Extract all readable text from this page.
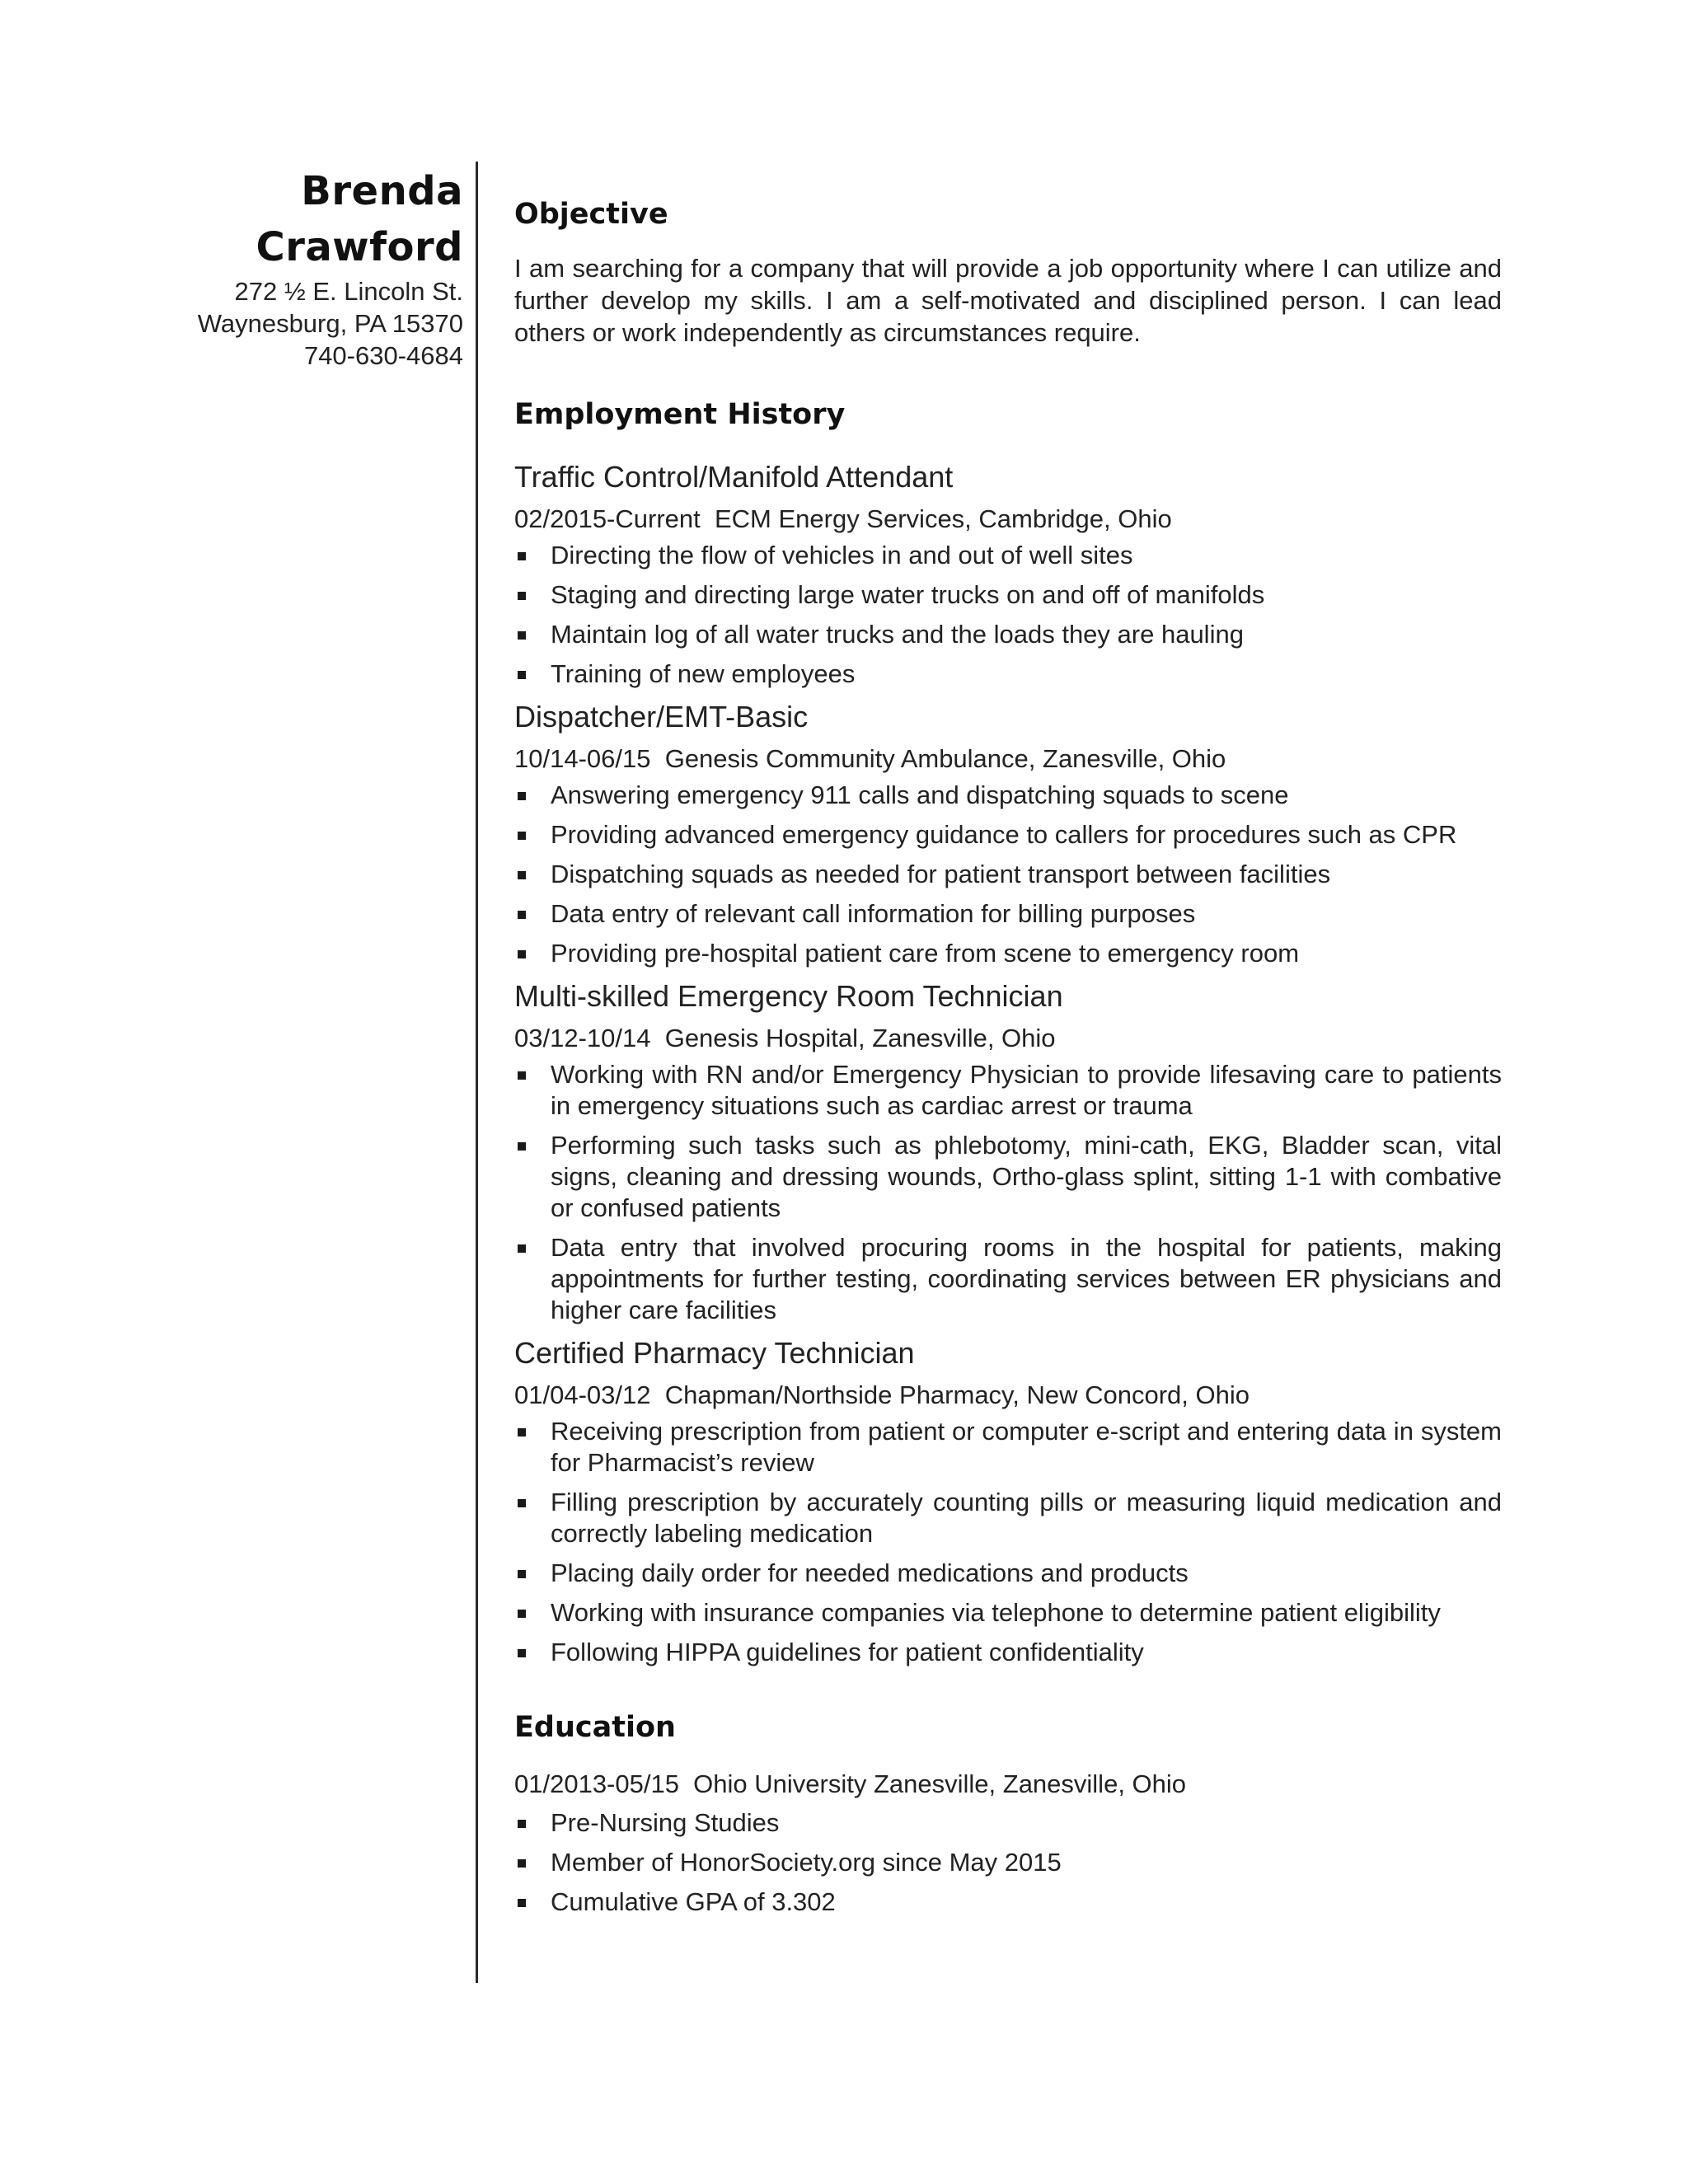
Brenda
Crawford
272 ½ E. Lincoln St.
Waynesburg, PA 15370
740-630-4684
Objective
I am searching for a company that will provide a job opportunity where I can utilize and further develop my skills. I am a self-motivated and disciplined person. I can lead others or work independently as circumstances require.
Employment History
Traffic Control/Manifold Attendant
02/2015-Current  ECM Energy Services, Cambridge, Ohio
Directing the flow of vehicles in and out of well sites
Staging and directing large water trucks on and off of manifolds
Maintain log of all water trucks and the loads they are hauling
Training of new employees
Dispatcher/EMT-Basic
10/14-06/15  Genesis Community Ambulance, Zanesville, Ohio
Answering emergency 911 calls and dispatching squads to scene
Providing advanced emergency guidance to callers for procedures such as CPR
Dispatching squads as needed for patient transport between facilities
Data entry of relevant call information for billing purposes
Providing pre-hospital patient care from scene to emergency room
Multi-skilled Emergency Room Technician
03/12-10/14  Genesis Hospital, Zanesville, Ohio
Working with RN and/or Emergency Physician to provide lifesaving care to patients in emergency situations such as cardiac arrest or trauma
Performing such tasks such as phlebotomy, mini-cath, EKG, Bladder scan, vital signs, cleaning and dressing wounds, Ortho-glass splint, sitting 1-1 with combative or confused patients
Data entry that involved procuring rooms in the hospital for patients, making appointments for further testing, coordinating services between ER physicians and higher care facilities
Certified Pharmacy Technician
01/04-03/12  Chapman/Northside Pharmacy, New Concord, Ohio
Receiving prescription from patient or computer e-script and entering data in system for Pharmacist’s review
Filling prescription by accurately counting pills or measuring liquid medication and correctly labeling medication
Placing daily order for needed medications and products
Working with insurance companies via telephone to determine patient eligibility
Following HIPPA guidelines for patient confidentiality
Education
01/2013-05/15  Ohio University Zanesville, Zanesville, Ohio
Pre-Nursing Studies
Member of HonorSociety.org since May 2015
Cumulative GPA of 3.302
